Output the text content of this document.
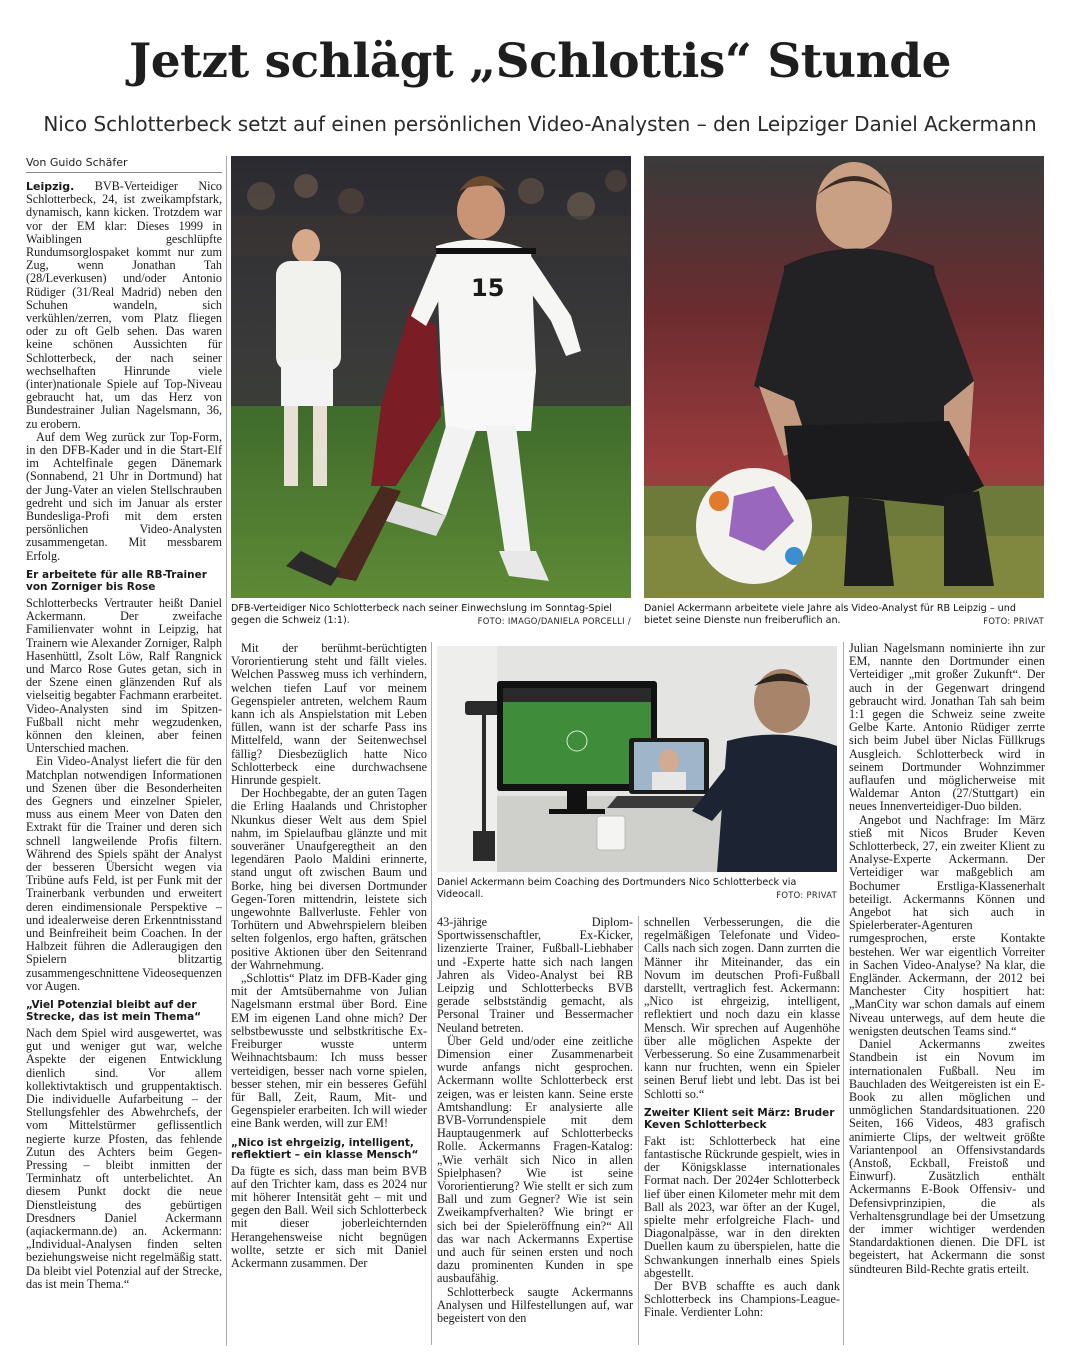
Jetzt schlägt „Schlottis“ Stunde
Nico Schlotterbeck setzt auf einen persönlichen Video-Analysten – den Leipziger Daniel Ackermann
Von Guido Schäfer

Leipzig. BVB-Verteidiger Nico Schlotterbeck, 24, ist zweikampfstark, dynamisch, kann kicken. Trotzdem war vor der EM klar: Dieses 1999 in Waiblingen geschlüpfte Rundumsorglospaket kommt nur zum Zug, wenn Jonathan Tah (28/Leverkusen) und/oder Antonio Rüdiger (31/Real Madrid) neben den Schuhen wandeln, sich verkühlen/zerren, vom Platz fliegen oder zu oft Gelb sehen. Das waren keine schönen Aussichten für Schlotterbeck, der nach seiner wechselhaften Hinrunde viele (inter)nationale Spiele auf Top-Niveau gebraucht hat, um das Herz von Bundestrainer Julian Nagelsmann, 36, zu erobern.

Auf dem Weg zurück zur Top-Form, in den DFB-Kader und in die Start-Elf im Achtelfinale gegen Dänemark (Sonnabend, 21 Uhr in Dortmund) hat der Jung-Vater an vielen Stellschrauben gedreht und sich im Januar als erster Bundesliga-Profi mit dem ersten persönlichen Video-Analysten zusammengetan. Mit messbarem Erfolg.

Er arbeitete für alle RB-Trainer von Zorniger bis Rose

Schlotterbecks Vertrauter heißt Daniel Ackermann. Der zweifache Familienvater wohnt in Leipzig, hat Trainern wie Alexander Zorniger, Ralph Hasenhüttl, Zsolt Löw, Ralf Rangnick und Marco Rose Gutes getan, sich in der Szene einen glänzenden Ruf als vielseitig begabter Fachmann erarbeitet. Video-Analysten sind im Spitzen-Fußball nicht mehr wegzudenken, können den kleinen, aber feinen Unterschied machen.

Ein Video-Analyst liefert die für den Matchplan notwendigen Informationen und Szenen über die Besonderheiten des Gegners und einzelner Spieler, muss aus einem Meer von Daten den Extrakt für die Trainer und deren sich schnell langweilende Profis filtern. Während des Spiels späht der Analyst der besseren Übersicht wegen via Tribüne aufs Feld, ist per Funk mit der Trainerbank verbunden und erweitert deren eindimensionale Perspektive – und idealerweise deren Erkenntnisstand und Beinfreiheit beim Coachen. In der Halbzeit führen die Adleraugigen den Spielern blitzartig zusammengeschnittene Videosequenzen vor Augen.

„Viel Potenzial bleibt auf der Strecke, das ist mein Thema“

Nach dem Spiel wird ausgewertet, was gut und weniger gut war, welche Aspekte der eigenen Entwicklung dienlich sind. Vor allem kollektivtaktisch und gruppentaktisch. Die individuelle Aufarbeitung – der Stellungsfehler des Abwehrchefs, der vom Mittelstürmer geflissentlich negierte kurze Pfosten, das fehlende Zutun des Achters beim Gegen-Pressing – bleibt inmitten der Terminhatz oft unterbelichtet. An diesem Punkt dockt die neue Dienstleistung des gebürtigen Dresdners Daniel Ackermann (aqiackermann.de) an. Ackermann: „Individual-Analysen finden selten beziehungsweise nicht regelmäßig statt. Da bleibt viel Potenzial auf der Strecke, das ist mein Thema.“

15
DFB-Verteidiger Nico Schlotterbeck nach seiner Einwechslung im Sonntag-Spiel gegen die Schweiz (1:1).	FOTO: IMAGO/DANIELA PORCELLI /
Daniel Ackermann arbeitete viele Jahre als Video-Analyst für RB Leipzig – und bietet seine Dienste nun freiberuflich an.	FOTO: PRIVAT

Mit der berühmt-berüchtigten Vororientierung steht und fällt vieles. Welchen Passweg muss ich verhindern, welchen tiefen Lauf vor meinem Gegenspieler antreten, welchem Raum kann ich als Anspielstation mit Leben füllen, wann ist der scharfe Pass ins Mittelfeld, wann der Seitenwechsel fällig? Diesbezüglich hatte Nico Schlotterbeck eine durchwachsene Hinrunde gespielt.

Der Hochbegabte, der an guten Tagen die Erling Haalands und Christopher Nkunkus dieser Welt aus dem Spiel nahm, im Spielaufbau glänzte und mit souveräner Unaufgeregtheit an den legendären Paolo Maldini erinnerte, stand ungut oft zwischen Baum und Borke, hing bei diversen Dortmunder Gegen-Toren mittendrin, leistete sich ungewohnte Ballverluste. Fehler von Torhütern und Abwehrspielern bleiben selten folgenlos, ergo haften, grätschen positive Aktionen über den Seitenrand der Wahrnehmung.

„Schlottis“ Platz im DFB-Kader ging mit der Amtsübernahme von Julian Nagelsmann erstmal über Bord. Eine EM im eigenen Land ohne mich? Der selbstbewusste und selbstkritische Ex-Freiburger wusste unterm Weihnachtsbaum: Ich muss besser verteidigen, besser nach vorne spielen, besser stehen, mir ein besseres Gefühl für Ball, Zeit, Raum, Mit- und Gegenspieler erarbeiten. Ich will wieder eine Bank werden, will zur EM!

„Nico ist ehrgeizig, intelligent, reflektiert – ein klasse Mensch“

Da fügte es sich, dass man beim BVB auf den Trichter kam, dass es 2024 nur mit höherer Intensität geht – mit und gegen den Ball. Weil sich Schlotterbeck mit dieser joberleichternden Herangehensweise nicht begnügen wollte, setzte er sich mit Daniel Ackermann zusammen. Der

Daniel Ackermann beim Coaching des Dortmunders Nico Schlotterbeck via Videocall.	FOTO: PRIVAT

43-jährige Diplom-Sportwissenschaftler, Ex-Kicker, lizenzierte Trainer, Fußball-Liebhaber und -Experte hatte sich nach langen Jahren als Video-Analyst bei RB Leipzig und Schlotterbecks BVB gerade selbstständig gemacht, als Personal Trainer und Bessermacher Neuland betreten.

Über Geld und/oder eine zeitliche Dimension einer Zusammenarbeit wurde anfangs nicht gesprochen. Ackermann wollte Schlotterbeck erst zeigen, was er leisten kann. Seine erste Amtshandlung: Er analysierte alle BVB-Vorrundenspiele mit dem Hauptaugenmerk auf Schlotterbecks Rolle. Ackermanns Fragen-Katalog: „Wie verhält sich Nico in allen Spielphasen? Wie ist seine Vororientierung? Wie stellt er sich zum Ball und zum Gegner? Wie ist sein Zweikampfverhalten? Wie bringt er sich bei der Spieleröffnung ein?“ All das war nach Ackermanns Expertise und auch für seinen ersten und noch dazu prominenten Kunden in spe ausbaufähig.

Schlotterbeck saugte Ackermanns Analysen und Hilfestellungen auf, war begeistert von den

schnellen Verbesserungen, die die regelmäßigen Telefonate und Video-Calls nach sich zogen. Dann zurrten die Männer ihr Miteinander, das ein Novum im deutschen Profi-Fußball darstellt, vertraglich fest. Ackermann: „Nico ist ehrgeizig, intelligent, reflektiert und noch dazu ein klasse Mensch. Wir sprechen auf Augenhöhe über alle möglichen Aspekte der Verbesserung. So eine Zusammenarbeit kann nur fruchten, wenn ein Spieler seinen Beruf liebt und lebt. Das ist bei Schlotti so.“

Zweiter Klient seit März: Bruder Keven Schlotterbeck

Fakt ist: Schlotterbeck hat eine fantastische Rückrunde gespielt, wies in der Königsklasse internationales Format nach. Der 2024er Schlotterbeck lief über einen Kilometer mehr mit dem Ball als 2023, war öfter an der Kugel, spielte mehr erfolgreiche Flach- und Diagonalpässe, war in den direkten Duellen kaum zu überspielen, hatte die Schwankungen innerhalb eines Spiels abgestellt.

Der BVB schaffte es auch dank Schlotterbeck ins Champions-League-Finale. Verdienter Lohn:

Julian Nagelsmann nominierte ihn zur EM, nannte den Dortmunder einen Verteidiger „mit großer Zukunft“. Der auch in der Gegenwart dringend gebraucht wird. Jonathan Tah sah beim 1:1 gegen die Schweiz seine zweite Gelbe Karte. Antonio Rüdiger zerrte sich beim Jubel über Niclas Füllkrugs Ausgleich. Schlotterbeck wird in seinem Dortmunder Wohnzimmer auflaufen und möglicherweise mit Waldemar Anton (27/Stuttgart) ein neues Innenverteidiger-Duo bilden.

Angebot und Nachfrage: Im März stieß mit Nicos Bruder Keven Schlotterbeck, 27, ein zweiter Klient zu Analyse-Experte Ackermann. Der Verteidiger war maßgeblich am Bochumer Erstliga-Klassenerhalt beteiligt. Ackermanns Können und Angebot hat sich auch in Spielerberater-Agenturen rumgesprochen, erste Kontakte bestehen. Wer war eigentlich Vorreiter in Sachen Video-Analyse? Na klar, die Engländer. Ackermann, der 2012 bei Manchester City hospitiert hat: „ManCity war schon damals auf einem Niveau unterwegs, auf dem heute die wenigsten deutschen Teams sind.“

Daniel Ackermanns zweites Standbein ist ein Novum im internationalen Fußball. Neu im Bauchladen des Weitgereisten ist ein E-Book zu allen möglichen und unmöglichen Standardsituationen. 220 Seiten, 166 Videos, 483 grafisch animierte Clips, der weltweit größte Variantenpool an Offensivstandards (Anstoß, Eckball, Freistoß und Einwurf). Zusätzlich enthält Ackermanns E-Book Offensiv- und Defensivprinzipien, die als Verhaltensgrundlage bei der Umsetzung der immer wichtiger werdenden Standardaktionen dienen. Die DFL ist begeistert, hat Ackermann die sonst sündteuren Bild-Rechte gratis erteilt.
